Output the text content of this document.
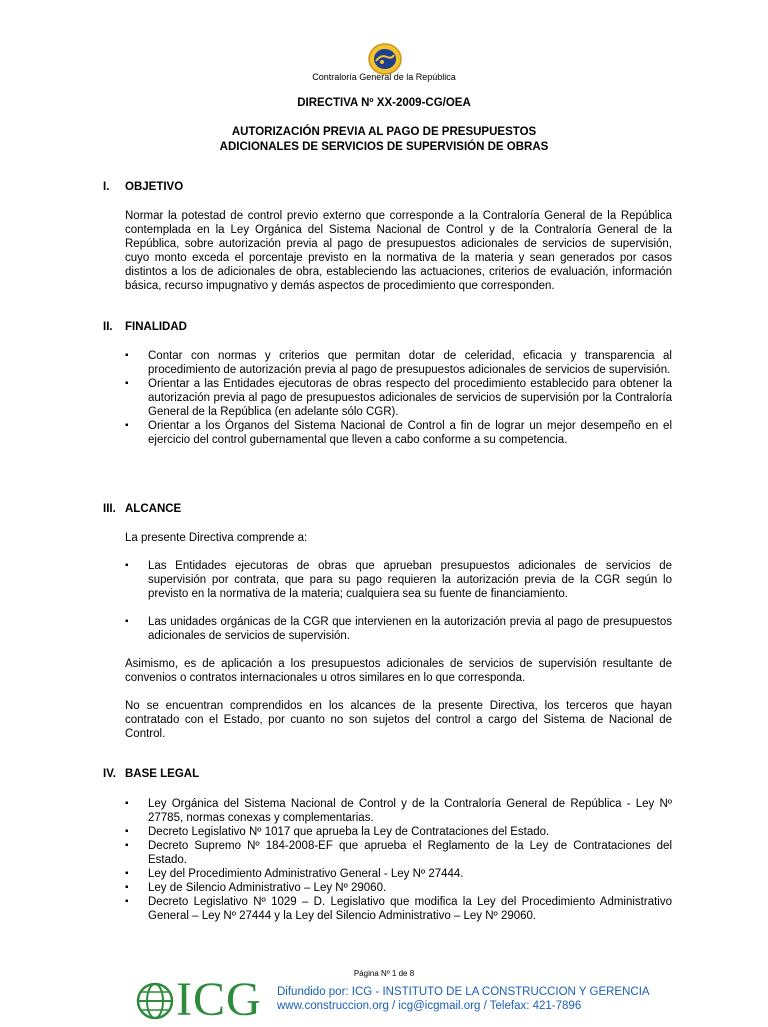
Contraloría General de la República
DIRECTIVA Nº XX-2009-CG/OEA
AUTORIZACIÓN PREVIA AL PAGO DE PRESUPUESTOS
ADICIONALES DE SERVICIOS DE SUPERVISIÓN DE OBRAS
I. OBJETIVO
Normar la potestad de control previo externo que corresponde a la Contraloría General de la República contemplada en la Ley Orgánica del Sistema Nacional de Control y de la Contraloría General de la República, sobre autorización previa al pago de presupuestos adicionales de servicios de supervisión, cuyo monto exceda el porcentaje previsto en la normativa de la materia y sean generados por casos distintos a los de adicionales de obra, estableciendo las actuaciones, criterios de evaluación, información básica, recurso impugnativo y demás aspectos de procedimiento que corresponden.
II. FINALIDAD
▪ Contar con normas y criterios que permitan dotar de celeridad, eficacia y transparencia al procedimiento de autorización previa al pago de presupuestos adicionales de servicios de supervisión.
▪ Orientar a las Entidades ejecutoras de obras respecto del procedimiento establecido para obtener la autorización previa al pago de presupuestos adicionales de servicios de supervisión por la Contraloría General de la República (en adelante sólo CGR).
▪ Orientar a los Órganos del Sistema Nacional de Control a fin de lograr un mejor desempeño en el ejercicio del control gubernamental que lleven a cabo conforme a su competencia.
III. ALCANCE
La presente Directiva comprende a:
▪ Las Entidades ejecutoras de obras que aprueban presupuestos adicionales de servicios de supervisión por contrata, que para su pago requieren la autorización previa de la CGR según lo previsto en la normativa de la materia; cualquiera sea su fuente de financiamiento.
▪ Las unidades orgánicas de la CGR que intervienen en la autorización previa al pago de presupuestos adicionales de servicios de supervisión.
Asimismo, es de aplicación a los presupuestos adicionales de servicios de supervisión resultante de convenios o contratos internacionales u otros similares en lo que corresponda.
No se encuentran comprendidos en los alcances de la presente Directiva, los terceros que hayan contratado con el Estado, por cuanto no son sujetos del control a cargo del Sistema de Nacional de Control.
IV. BASE LEGAL
▪ Ley Orgánica del Sistema Nacional de Control y de la Contraloría General de República - Ley Nº 27785, normas conexas y complementarias.
▪ Decreto Legislativo Nº 1017 que aprueba la Ley de Contrataciones del Estado.
▪ Decreto Supremo Nº 184-2008-EF que aprueba el Reglamento de la Ley de Contrataciones del Estado.
▪ Ley del Procedimiento Administrativo General - Ley Nº 27444.
▪ Ley de Silencio Administrativo – Ley Nº 29060.
▪ Decreto Legislativo Nº 1029 – D. Legislativo que modifica la Ley del Procedimiento Administrativo General – Ley Nº 27444 y la Ley del Silencio Administrativo – Ley Nº 29060.
Página Nº 1 de 8
ICG Difundido por: ICG - INSTITUTO DE LA CONSTRUCCION Y GERENCIA
www.construccion.org / icg@icgmail.org / Telefax: 421-7896
